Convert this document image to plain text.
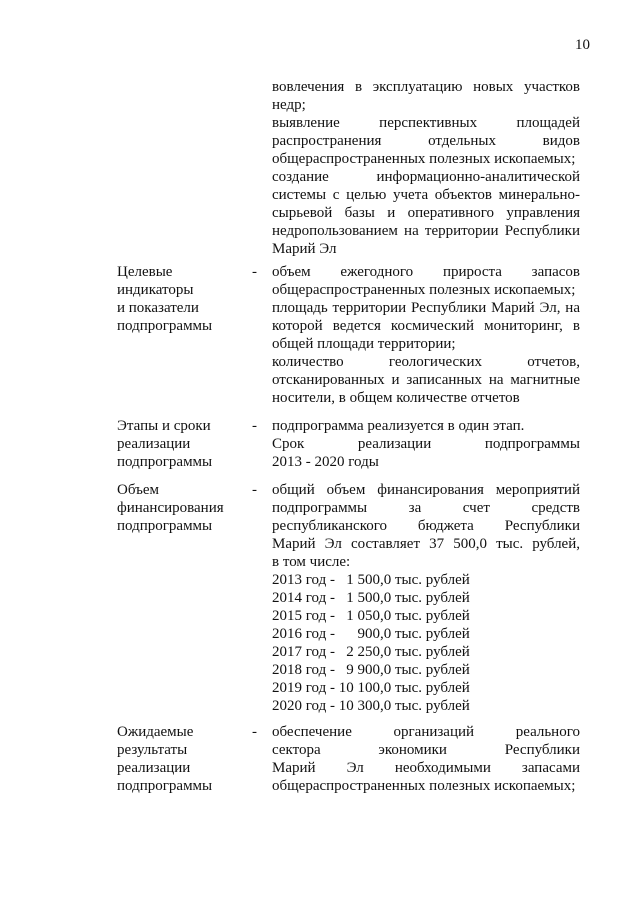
10
вовлечения в эксплуатацию новых участков
недр;
выявление перспективных площадей
распространения отдельных видов
общераспространенных полезных ископаемых;
создание информационно-аналитической
системы с целью учета объектов минерально-
сырьевой базы и оперативного управления
недропользованием на территории Республики
Марий Эл
Целевые
индикаторы
и показатели
подпрограммы
- объем ежегодного прироста запасов
общераспространенных полезных ископаемых;
площадь территории Республики Марий Эл, на
которой ведется космический мониторинг, в
общей площади территории;
количество геологических отчетов,
отсканированных и записанных на магнитные
носители, в общем количестве отчетов
Этапы и сроки
реализации
подпрограммы
- подпрограмма реализуется в один этап.
Срок реализации подпрограммы
2013 - 2020 годы
Объем
финансирования
подпрограммы
- общий объем финансирования мероприятий
подпрограммы за счет средств
республиканского бюджета Республики
Марий Эл составляет 37 500,0 тыс. рублей,
в том числе:
2013 год -   1 500,0 тыс. рублей
2014 год -   1 500,0 тыс. рублей
2015 год -   1 050,0 тыс. рублей
2016 год -      900,0 тыс. рублей
2017 год -   2 250,0 тыс. рублей
2018 год -   9 900,0 тыс. рублей
2019 год - 10 100,0 тыс. рублей
2020 год - 10 300,0 тыс. рублей
Ожидаемые
результаты
реализации
подпрограммы
- обеспечение организаций реального
сектора экономики Республики
Марий Эл необходимыми запасами
общераспространенных полезных ископаемых;
